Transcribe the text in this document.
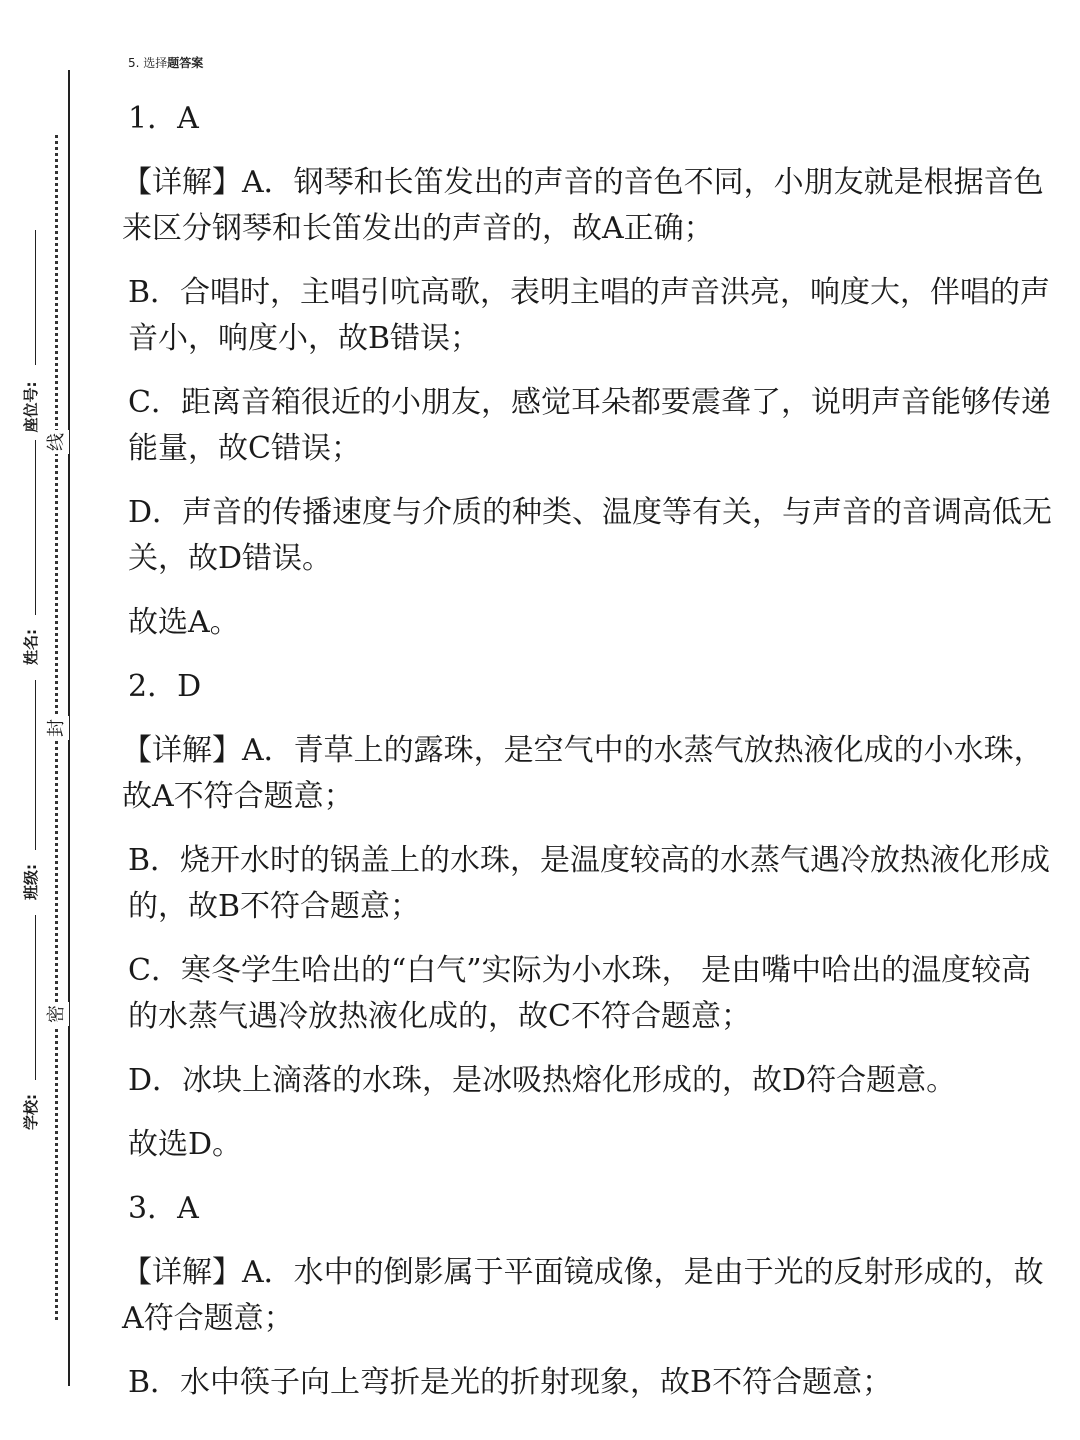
座位号:
姓名:
班级:
学校:
线
封
密
5. 选择题答案

1．A

【详解】A．钢琴和长笛发出的声音的音色不同，小朋友就是根据音色来区分钢琴和长笛发出的声音的，故A正确；

B．合唱时，主唱引吭高歌，表明主唱的声音洪亮，响度大，伴唱的声音小，响度小，故B错误；

C．距离音箱很近的小朋友，感觉耳朵都要震聋了，说明声音能够传递能量，故C错误；

D．声音的传播速度与介质的种类、温度等有关，与声音的音调高低无关，故D错误。

故选A。

2．D

【详解】A．青草上的露珠，是空气中的水蒸气放热液化成的小水珠，故A不符合题意；

B．烧开水时的锅盖上的水珠，是温度较高的水蒸气遇冷放热液化形成的，故B不符合题意；

C．寒冬学生哈出的“白气”实际为小水珠， 是由嘴中哈出的温度较高的水蒸气遇冷放热液化成的，故C不符合题意；

D．冰块上滴落的水珠，是冰吸热熔化形成的，故D符合题意。

故选D。

3．A

【详解】A．水中的倒影属于平面镜成像，是由于光的反射形成的，故A符合题意；

B．水中筷子向上弯折是光的折射现象，故B不符合题意；
